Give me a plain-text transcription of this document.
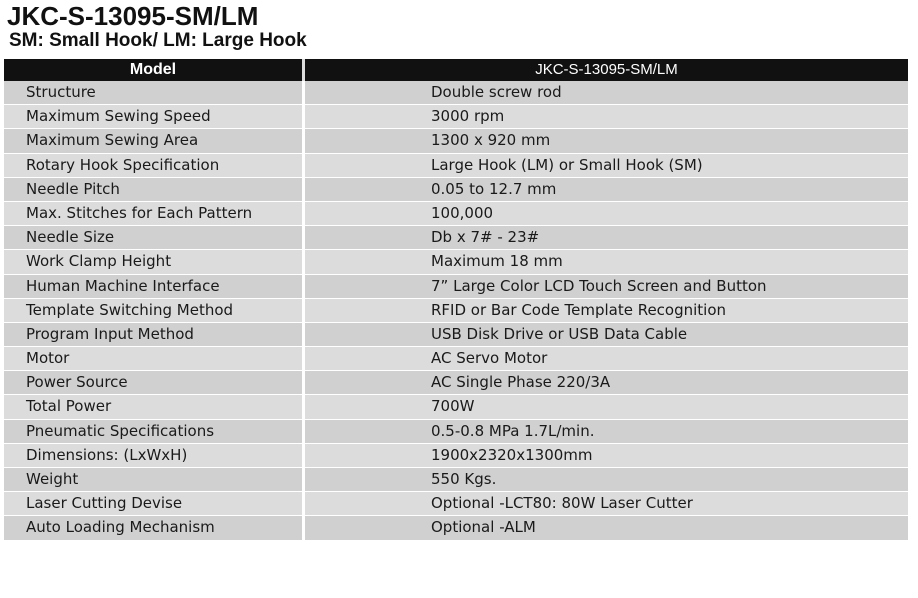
JKC-S-13095-SM/LM
SM: Small Hook/ LM: Large Hook
Model	JKC-S-13095-SM/LM
Structure	Double screw rod
Maximum Sewing Speed	3000 rpm
Maximum Sewing Area	1300 x 920 mm
Rotary Hook Specification	Large Hook (LM) or Small Hook (SM)
Needle Pitch	0.05 to 12.7 mm
Max. Stitches for Each Pattern	100,000
Needle Size	Db x 7# - 23#
Work Clamp Height	Maximum 18 mm
Human Machine Interface	7” Large Color LCD Touch Screen and Button
Template Switching Method	RFID or Bar Code Template Recognition
Program Input Method	USB Disk Drive or USB Data Cable
Motor	AC Servo Motor
Power Source	AC Single Phase 220/3A
Total Power	700W
Pneumatic Specifications	0.5-0.8 MPa 1.7L/min.
Dimensions: (LxWxH)	1900x2320x1300mm
Weight	550 Kgs.
Laser Cutting Devise	Optional -LCT80: 80W Laser Cutter
Auto Loading Mechanism	Optional -ALM
